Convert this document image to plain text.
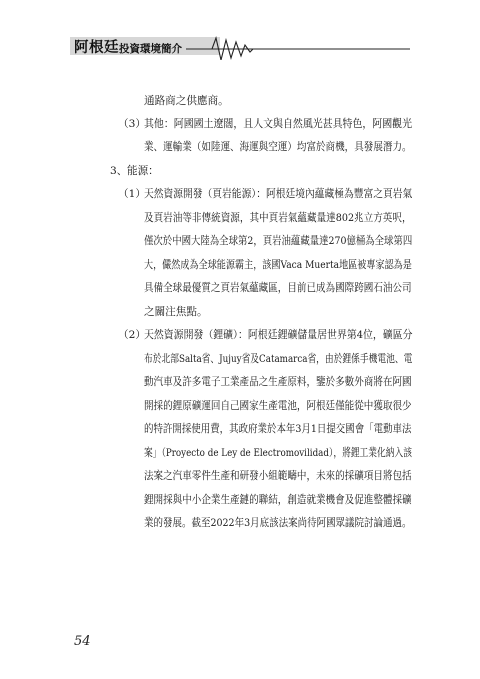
阿根廷投資環境簡介
通路商之供應商。
（3）
其他：阿國國土遼闊，且人文與自然風光甚具特色，阿國觀光
業、運輸業（如陸運、海運與空運）均富於商機，具發展潛力。
3、 能源：
（1）
天然資源開發（頁岩能源）：阿根廷境內蘊藏極為豐富之頁岩氣
及頁岩油等非傳統資源，其中頁岩氣蘊藏量達802兆立方英呎，
僅次於中國大陸為全球第2，頁岩油蘊藏量達270億桶為全球第四
大，儼然成為全球能源霸主，該國Vaca Muerta地區被專家認為是
具備全球最優質之頁岩氣蘊藏區，目前已成為國際跨國石油公司
之關注焦點。
（2）
天然資源開發（鋰礦）：阿根廷鋰礦儲量居世界第4位，礦區分
布於北部Salta省、Jujuy省及Catamarca省，由於鋰係手機電池、電
動汽車及許多電子工業產品之生產原料，鑒於多數外商將在阿國
開採的鋰原礦運回自己國家生產電池，阿根廷僅能從中獲取很少
的特許開採使用費，其政府業於本年3月1日提交國會「電動車法
案」（Proyecto de Ley de Electromovilidad），將鋰工業化納入該
法案之汽車零件生產和研發小組範疇中，未來的採礦項目將包括
鋰開採與中小企業生產鏈的聯結，創造就業機會及促進整體採礦
業的發展。截至2022年3月底該法案尚待阿國眾議院討論通過。
54
